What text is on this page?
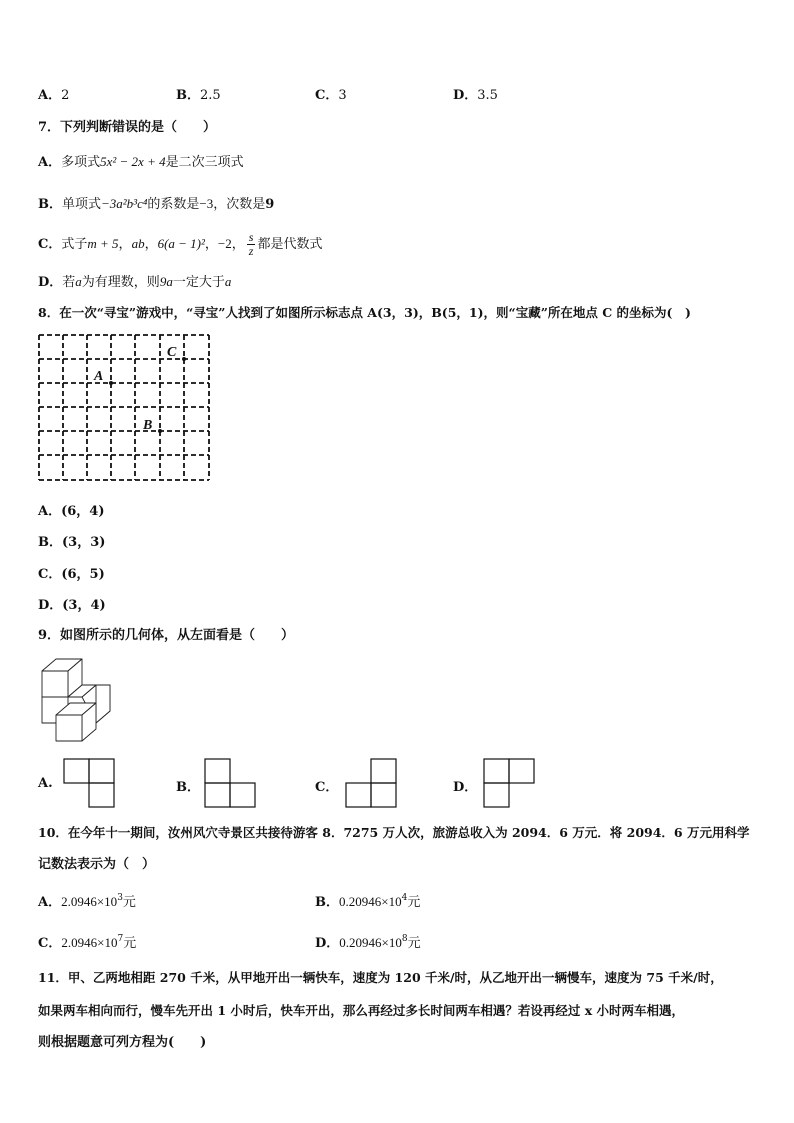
A．2	B．2.5	C．3	D．3.5
7．下列判断错误的是（　　）
A．多项式5x² − 2x + 4是二次三项式
B．单项式−3a²b³c⁴的系数是−3，次数是9
C．式子m + 5，ab，6(a − 1)²，−2， $\frac{s}{z}$ 都是代数式
D．若a为有理数，则9a一定大于a
8．在一次“寻宝”游戏中，“寻宝”人找到了如图所示标志点 A(3，3)，B(5，1)，则“宝藏”所在地点 C 的坐标为(　)
A
B
C
A．(6，4)
B．(3，3)
C．(6，5)
D．(3，4)
9．如图所示的几何体，从左面看是（　　）
A.	B．	C．	D．
10．在今年十一期间，汝州风穴寺景区共接待游客 8．7275 万人次，旅游总收入为 2094．6 万元．将 2094．6 万元用科学
记数法表示为（　）
A．$2.0946\times 10^3$元	B．$0.20946\times 10^4$元
C．$2.0946\times 10^7$元	D．$0.20946\times 10^8$元
11．甲、乙两地相距 270 千米，从甲地开出一辆快车，速度为 120 千米/时，从乙地开出一辆慢车，速度为 75 千米/时，
如果两车相向而行，慢车先开出 1 小时后，快车开出，那么再经过多长时间两车相遇？若设再经过 x 小时两车相遇，
则根据题意可列方程为(　　)
